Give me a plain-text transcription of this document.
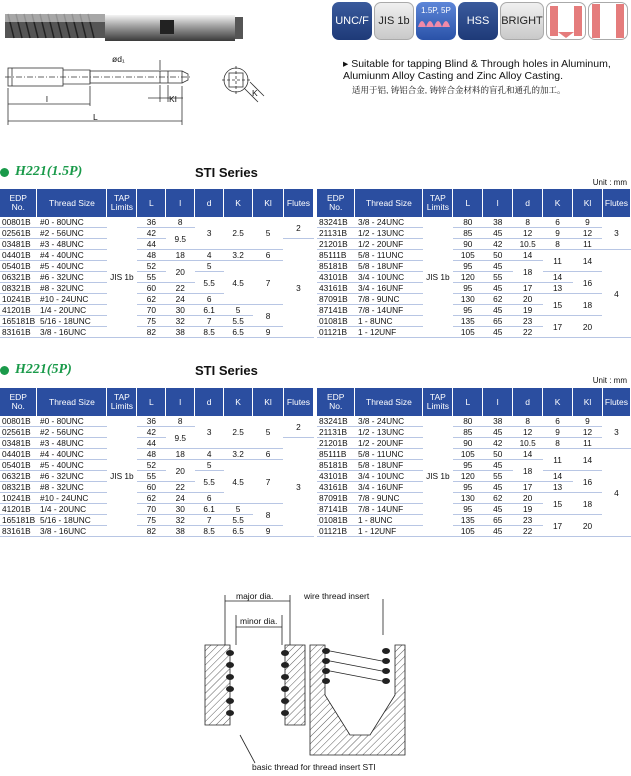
ød₁
l
L
KI
K
UNC/F JIS 1b
1.5P, 5P
HSS	BRIGHT
▸ Suitable for tapping Blind & Through holes in Aluminum, Alumiunm Alloy Casting and Zinc Alloy Casting.
适用于铝, 铸铝合金, 铸锌合金材料的盲孔和通孔的加工。
H221(1.5P)	STI Series
Unit : mm
EDP
No.	Thread Size	TAP
Limits	L	l	d	K	Kl	Flutes
00801B	#0 - 80UNC	JIS 1b	36	8	3	2.5	5	2
02561B	#2 - 56UNC		42	9.5				
03481B	#3 - 48UNC		44					3
04401B	#4 - 40UNC		48	18	4	3.2	6	
05401B	#5 - 40UNC		52	20	5	4.5	7	
06321B	#6 - 32UNC		55		5.5			
08321B	#8 - 32UNC		60	22				
10241B	#10 - 24UNC		62	24	6			
41201B	1/4 - 20UNC		70	30	6.1	5	8	
165181B	5/16 - 18UNC		75	32	7	5.5		
83161B	3/8 - 16UNC		82	38	8.5	6.5	9	
EDP
No.	Thread Size	TAP
Limits	L	l	d	K	Kl	Flutes
83241B	3/8 - 24UNC	JIS 1b	80	38	8	6	9	3
21131B	1/2 - 13UNC		85	45	12	9	12	
21201B	1/2 - 20UNF		90	42	10.5	8	11	
85111B	5/8 - 11UNC		105	50	14	11	14	4
85181B	5/8 - 18UNF		95	45	18			
43101B	3/4 - 10UNC		120	55		14	16	
43161B	3/4 - 16UNF		95	45	17	13		
87091B	7/8 - 9UNC		130	62	20	15	18	
87141B	7/8 - 14UNF		95	45	19			
01081B	1 - 8UNC		135	65	23	17	20	
01121B	1 - 12UNF		105	45	22			
H221(5P)	STI Series
Unit : mm
EDP
No.	Thread Size	TAP
Limits	L	l	d	K	Kl	Flutes
00801B	#0 - 80UNC	JIS 1b	36	8	3	2.5	5	2
02561B	#2 - 56UNC		42	9.5				
03481B	#3 - 48UNC		44					3
04401B	#4 - 40UNC		48	18	4	3.2	6	
05401B	#5 - 40UNC		52	20	5	4.5	7	
06321B	#6 - 32UNC		55		5.5			
08321B	#8 - 32UNC		60	22				
10241B	#10 - 24UNC		62	24	6			
41201B	1/4 - 20UNC		70	30	6.1	5	8	
165181B	5/16 - 18UNC		75	32	7	5.5		
83161B	3/8 - 16UNC		82	38	8.5	6.5	9	
EDP
No.	Thread Size	TAP
Limits	L	l	d	K	Kl	Flutes
83241B	3/8 - 24UNC	JIS 1b	80	38	8	6	9	3
21131B	1/2 - 13UNC		85	45	12	9	12	
21201B	1/2 - 20UNF		90	42	10.5	8	11	
85111B	5/8 - 11UNC		105	50	14	11	14	4
85181B	5/8 - 18UNF		95	45	18			
43101B	3/4 - 10UNC		120	55		14	16	
43161B	3/4 - 16UNF		95	45	17	13		
87091B	7/8 - 9UNC		130	62	20	15	18	
87141B	7/8 - 14UNF		95	45	19			
01081B	1 - 8UNC		135	65	23	17	20	
01121B	1 - 12UNF		105	45	22			
major dia.
minor dia.
wire thread insert
basic thread for thread insert STI
